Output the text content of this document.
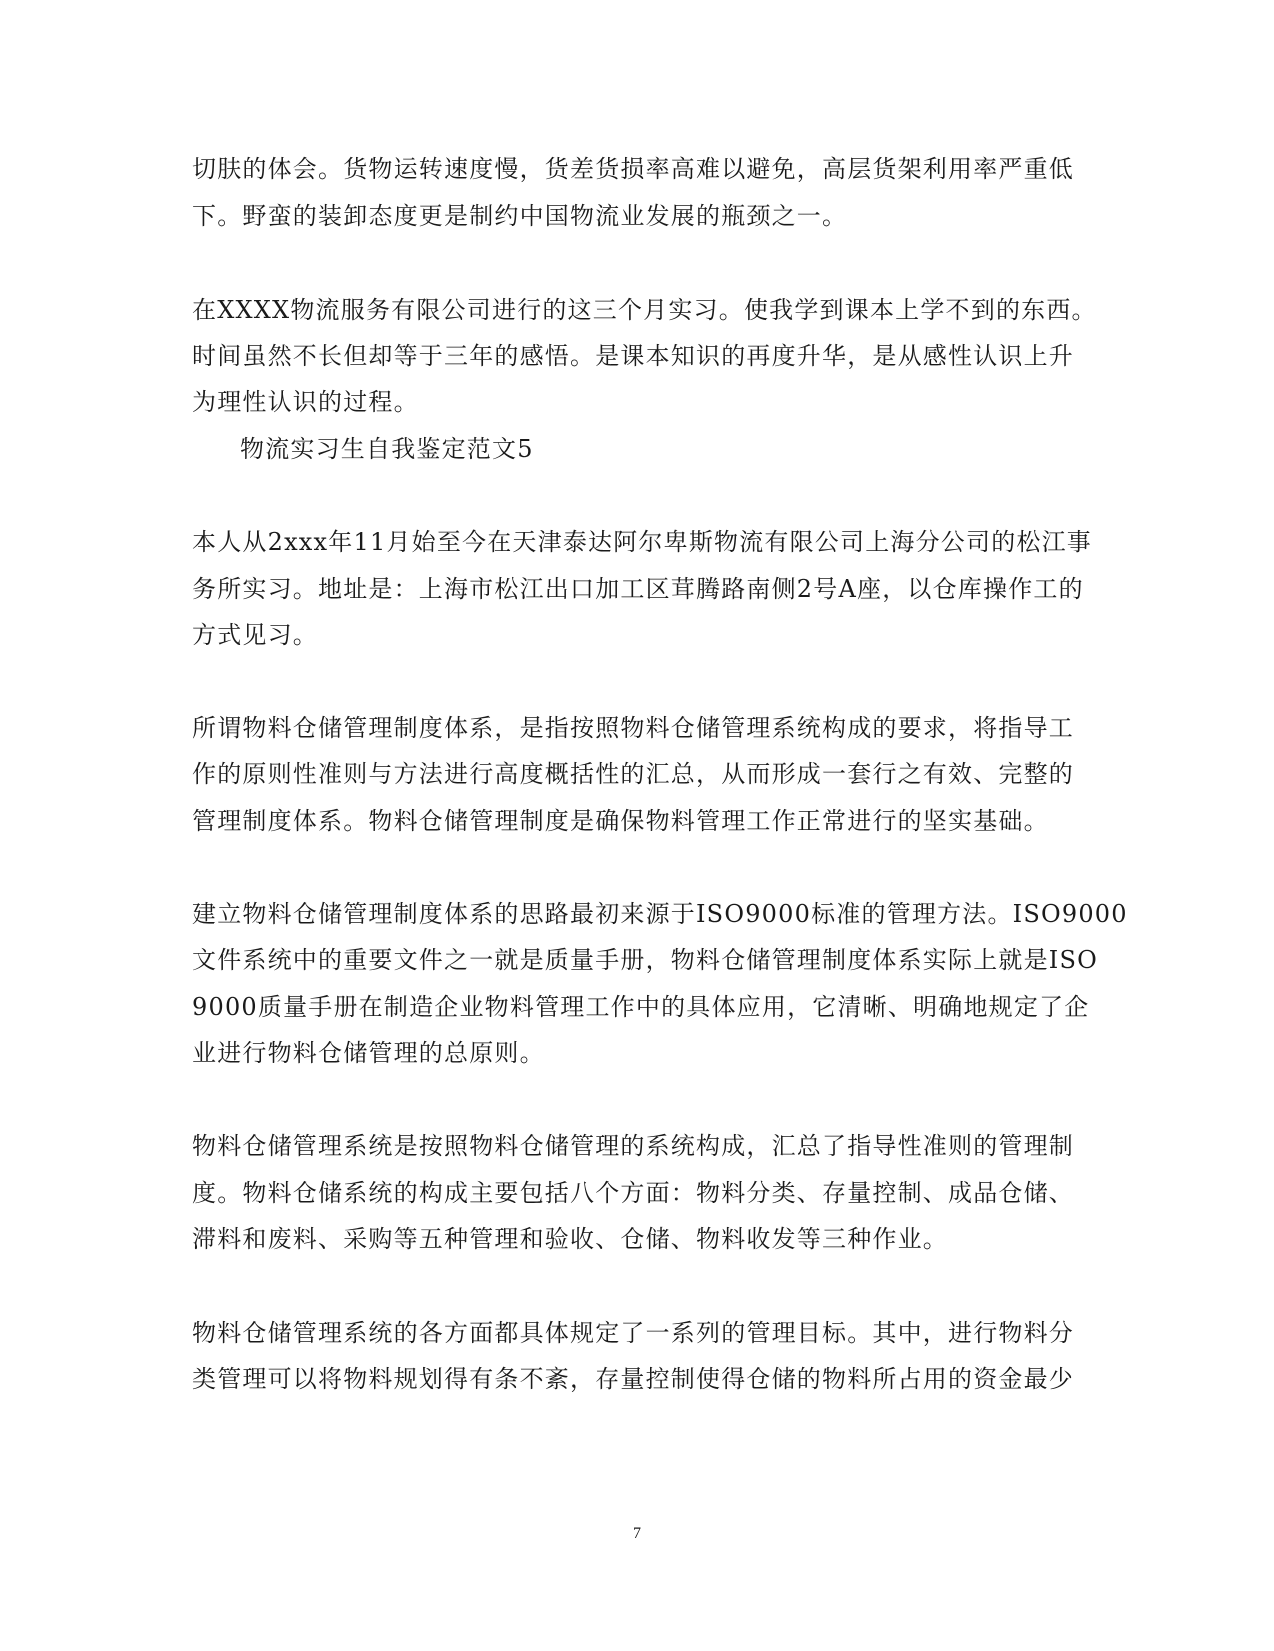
切肤的体会。货物运转速度慢，货差货损率高难以避免，高层货架利用率严重低
下。野蛮的装卸态度更是制约中国物流业发展的瓶颈之一。
在XXXX物流服务有限公司进行的这三个月实习。使我学到课本上学不到的东西。
时间虽然不长但却等于三年的感悟。是课本知识的再度升华，是从感性认识上升
为理性认识的过程。
物流实习生自我鉴定范文5
本人从2xxx年11月始至今在天津泰达阿尔卑斯物流有限公司上海分公司的松江事
务所实习。地址是：上海市松江出口加工区茸腾路南侧2号A座，以仓库操作工的
方式见习。
所谓物料仓储管理制度体系，是指按照物料仓储管理系统构成的要求，将指导工
作的原则性准则与方法进行高度概括性的汇总，从而形成一套行之有效、完整的
管理制度体系。物料仓储管理制度是确保物料管理工作正常进行的坚实基础。
建立物料仓储管理制度体系的思路最初来源于ISO9000标准的管理方法。ISO9000
文件系统中的重要文件之一就是质量手册，物料仓储管理制度体系实际上就是ISO
9000质量手册在制造企业物料管理工作中的具体应用，它清晰、明确地规定了企
业进行物料仓储管理的总原则。
物料仓储管理系统是按照物料仓储管理的系统构成，汇总了指导性准则的管理制
度。物料仓储系统的构成主要包括八个方面：物料分类、存量控制、成品仓储、
滞料和废料、采购等五种管理和验收、仓储、物料收发等三种作业。
物料仓储管理系统的各方面都具体规定了一系列的管理目标。其中，进行物料分
类管理可以将物料规划得有条不紊，存量控制使得仓储的物料所占用的资金最少
7
